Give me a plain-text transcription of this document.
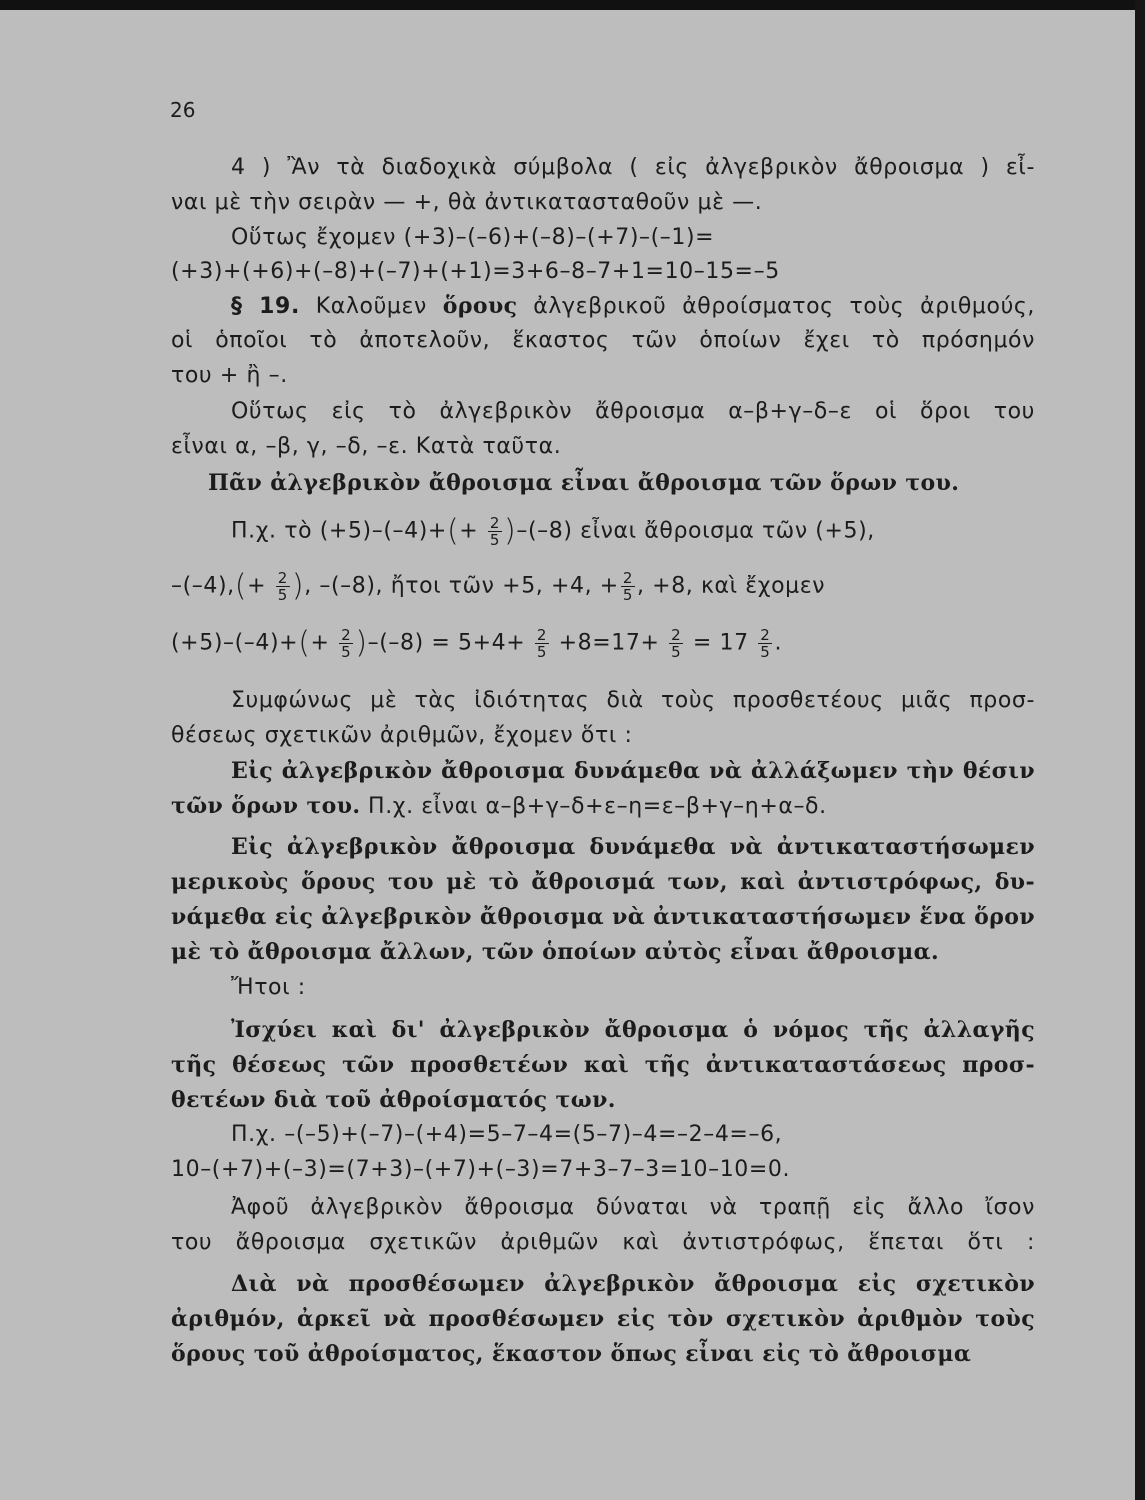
26
4 ) Ἂν τὰ διαδοχικὰ σύμβολα ( εἰς ἀλγεβρικὸν ἄθροισμα ) εἶ-
ναι μὲ τὴν σειρὰν — +, θὰ ἀντικατασταθοῦν μὲ —.
Οὕτως ἔχομεν (+3)–(–6)+(–8)–(+7)–(–1)=
(+3)+(+6)+(–8)+(–7)+(+1)=3+6–8–7+1=10–15=–5
§ 19. Καλοῦμεν ὅρους ἀλγεβρικοῦ ἀθροίσματος τοὺς ἀριθμούς,
οἱ ὁποῖοι τὸ ἀποτελοῦν, ἕκαστος τῶν ὁποίων ἔχει τὸ πρόσημόν
του + ἢ –.
Οὕτως εἰς τὸ ἀλγεβρικὸν ἄθροισμα α–β+γ–δ–ε οἱ ὅροι του
εἶναι α, –β, γ, –δ, –ε. Κατὰ ταῦτα.
Πᾶν ἀλγεβρικὸν ἄθροισμα εἶναι ἄθροισμα τῶν ὅρων του.
Π.χ. τὸ $(+5)-(-4)+(+ \frac{2}{5} )-(-8)$ εἶναι ἄθροισμα τῶν (+5),
$-(-4),(+ \frac{2}{5}$ ), –(–8), ἤτοι τῶν +5, +4, + $\frac{2}{5}$ , +8, καὶ ἔχομεν
$(+5)-(-4)+(+ \frac{2}{5} )-(-8) = 5+4+ \frac{2}{5} +8=17+ \frac{2}{5} = 17 \frac{2}{5}$ .
Συμφώνως μὲ τὰς ἰδιότητας διὰ τοὺς προσθετέους μιᾶς προσ-
θέσεως σχετικῶν ἀριθμῶν, ἔχομεν ὅτι :
Εἰς ἀλγεβρικὸν ἄθροισμα δυνάμεθα νὰ ἀλλάξωμεν τὴν θέσιν
τῶν ὅρων του. Π.χ. εἶναι α–β+γ–δ+ε–η=ε–β+γ–η+α–δ.
Εἰς ἀλγεβρικὸν ἄθροισμα δυνάμεθα νὰ ἀντικαταστήσωμεν
μερικοὺς ὅρους του μὲ τὸ ἄθροισμά των, καὶ ἀντιστρόφως, δυ-
νάμεθα εἰς ἀλγεβρικὸν ἄθροισμα νὰ ἀντικαταστήσωμεν ἕνα ὅρον
μὲ τὸ ἄθροισμα ἄλλων, τῶν ὁποίων αὐτὸς εἶναι ἄθροισμα.
Ἤτοι :
Ἰσχύει καὶ δι' ἀλγεβρικὸν ἄθροισμα ὁ νόμος τῆς ἀλλαγῆς
τῆς θέσεως τῶν προσθετέων καὶ τῆς ἀντικαταστάσεως προσ-
θετέων διὰ τοῦ ἀθροίσματός των.
Π.χ. –(–5)+(–7)–(+4)=5–7–4=(5–7)–4=–2–4=–6,
10–(+7)+(–3)=(7+3)–(+7)+(–3)=7+3–7–3=10–10=0.
Ἀφοῦ ἀλγεβρικὸν ἄθροισμα δύναται νὰ τραπῇ εἰς ἄλλο ἴσον
του ἄθροισμα σχετικῶν ἀριθμῶν καὶ ἀντιστρόφως, ἕπεται ὅτι :
Διὰ νὰ προσθέσωμεν ἀλγεβρικὸν ἄθροισμα εἰς σχετικὸν
ἀριθμόν, ἀρκεῖ νὰ προσθέσωμεν εἰς τὸν σχετικὸν ἀριθμὸν τοὺς
ὅρους τοῦ ἀθροίσματος, ἕκαστον ὅπως εἶναι εἰς τὸ ἄθροισμα
